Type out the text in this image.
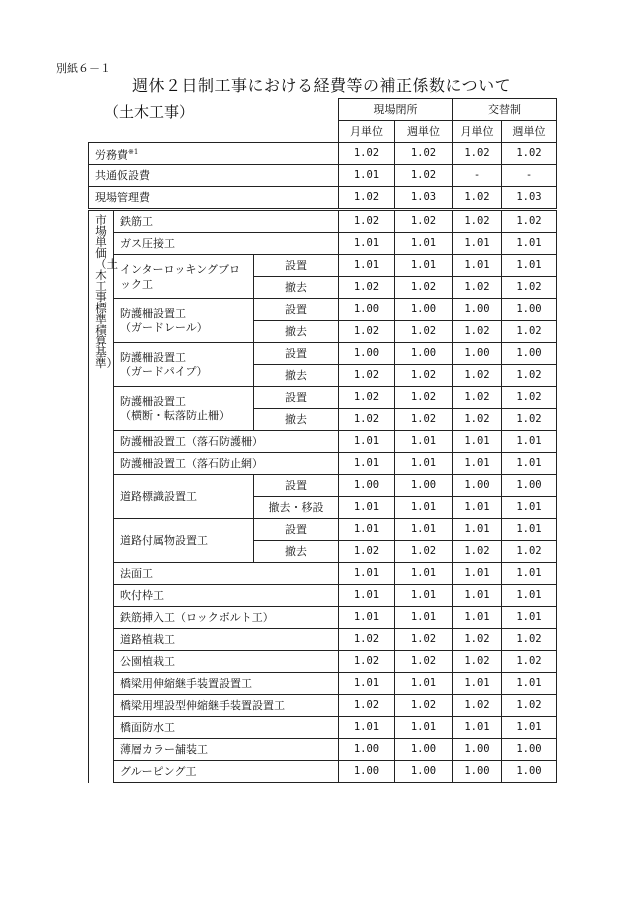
別紙６－１
週休２日制工事における経費等の補正係数について
（土木工事）
			現場閉所		交替制	
			月単位	週単位	月単位	週単位
労務費$^{※1}$			1.02	1.02	1.02	1.02
共通仮設費			1.01	1.02	-	-
現場管理費			1.02	1.03	1.02	1.03

市場単価（土木工事標準積算基準）	鉄筋工		1.02	1.02	1.02	1.02
	ガス圧接工		1.01	1.01	1.01	1.01

	インターロッキングブロック工	設置	1.01	1.01	1.01	1.01
		撤去	1.02	1.02	1.02	1.02

	防護柵設置工
（ガードレール）	設置	1.00	1.00	1.00	1.00
		撤去	1.02	1.02	1.02	1.02

	防護柵設置工
（ガードパイプ）	設置	1.00	1.00	1.00	1.00
		撤去	1.02	1.02	1.02	1.02

	防護柵設置工
（横断・転落防止柵）	設置	1.02	1.02	1.02	1.02
		撤去	1.02	1.02	1.02	1.02
	防護柵設置工（落石防護柵）		1.01	1.01	1.01	1.01
	防護柵設置工（落石防止網）		1.01	1.01	1.01	1.01

	道路標識設置工	設置	1.00	1.00	1.00	1.00
		撤去・移設	1.01	1.01	1.01	1.01

	道路付属物設置工	設置	1.01	1.01	1.01	1.01
		撤去	1.02	1.02	1.02	1.02
	法面工		1.01	1.01	1.01	1.01
	吹付枠工		1.01	1.01	1.01	1.01
	鉄筋挿入工（ロックボルト工）		1.01	1.01	1.01	1.01
	道路植栽工		1.02	1.02	1.02	1.02
	公園植栽工		1.02	1.02	1.02	1.02
	橋梁用伸縮継手装置設置工		1.01	1.01	1.01	1.01
	橋梁用埋設型伸縮継手装置設置工		1.02	1.02	1.02	1.02
	橋面防水工		1.01	1.01	1.01	1.01
	薄層カラー舗装工		1.00	1.00	1.00	1.00
	グルーピング工		1.00	1.00	1.00	1.00
